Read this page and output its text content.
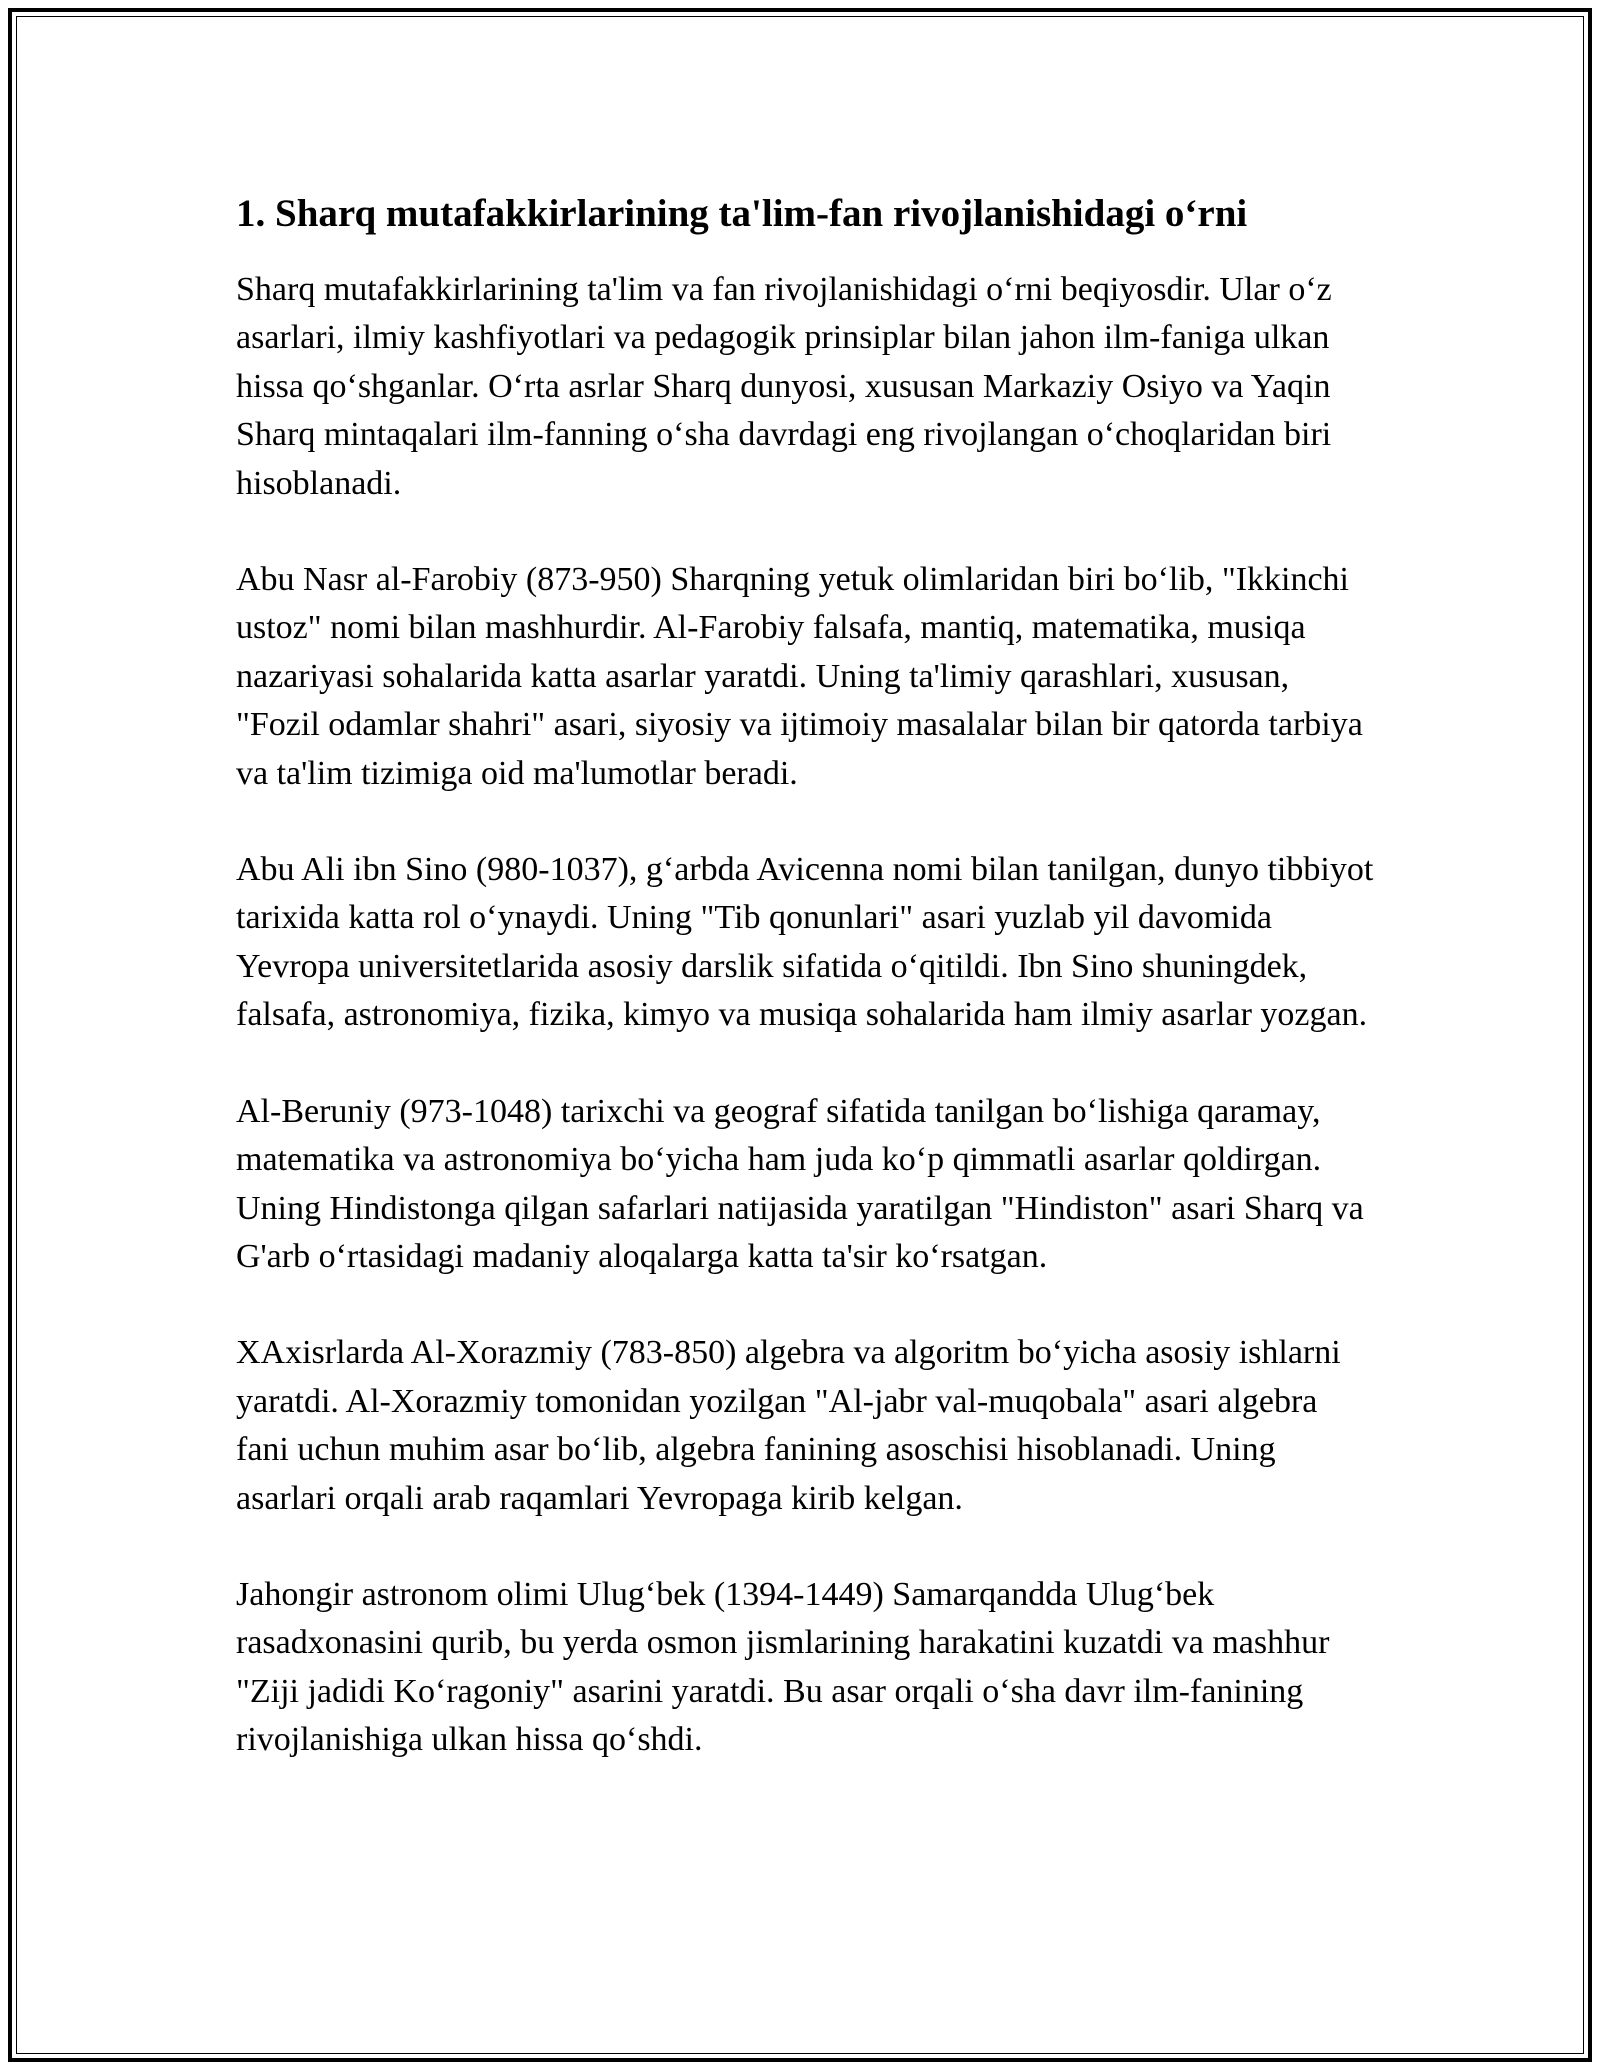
1. Sharq mutafakkirlarining ta'lim-fan rivojlanishidagi o‘rni

Sharq mutafakkirlarining ta'lim va fan rivojlanishidagi o‘rni beqiyosdir. Ular o‘z asarlari, ilmiy kashfiyotlari va pedagogik prinsiplar bilan jahon ilm-faniga ulkan hissa qo‘shganlar. O‘rta asrlar Sharq dunyosi, xususan Markaziy Osiyo va Yaqin Sharq mintaqalari ilm-fanning o‘sha davrdagi eng rivojlangan o‘choqlaridan biri hisoblanadi.

Abu Nasr al-Farobiy (873-950) Sharqning yetuk olimlaridan biri bo‘lib, "Ikkinchi ustoz" nomi bilan mashhurdir. Al-Farobiy falsafa, mantiq, matematika, musiqa nazariyasi sohalarida katta asarlar yaratdi. Uning ta'limiy qarashlari, xususan, "Fozil odamlar shahri" asari, siyosiy va ijtimoiy masalalar bilan bir qatorda tarbiya va ta'lim tizimiga oid ma'lumotlar beradi.

Abu Ali ibn Sino (980-1037), g‘arbda Avicenna nomi bilan tanilgan, dunyo tibbiyot tarixida katta rol o‘ynaydi. Uning "Tib qonunlari" asari yuzlab yil davomida Yevropa universitetlarida asosiy darslik sifatida o‘qitildi. Ibn Sino shuningdek, falsafa, astronomiya, fizika, kimyo va musiqa sohalarida ham ilmiy asarlar yozgan.

Al-Beruniy (973-1048) tarixchi va geograf sifatida tanilgan bo‘lishiga qaramay, matematika va astronomiya bo‘yicha ham juda ko‘p qimmatli asarlar qoldirgan. Uning Hindistonga qilgan safarlari natijasida yaratilgan "Hindiston" asari Sharq va G'arb o‘rtasidagi madaniy aloqalarga katta ta'sir ko‘rsatgan.

XAxisrlarda Al-Xorazmiy (783-850) algebra va algoritm bo‘yicha asosiy ishlarni yaratdi. Al-Xorazmiy tomonidan yozilgan "Al-jabr val-muqobala" asari algebra fani uchun muhim asar bo‘lib, algebra fanining asoschisi hisoblanadi. Uning asarlari orqali arab raqamlari Yevropaga kirib kelgan.

Jahongir astronom olimi Ulug‘bek (1394-1449) Samarqandda Ulug‘bek rasadxonasini qurib, bu yerda osmon jismlarining harakatini kuzatdi va mashhur "Ziji jadidi Ko‘ragoniy" asarini yaratdi. Bu asar orqali o‘sha davr ilm-fanining rivojlanishiga ulkan hissa qo‘shdi.
